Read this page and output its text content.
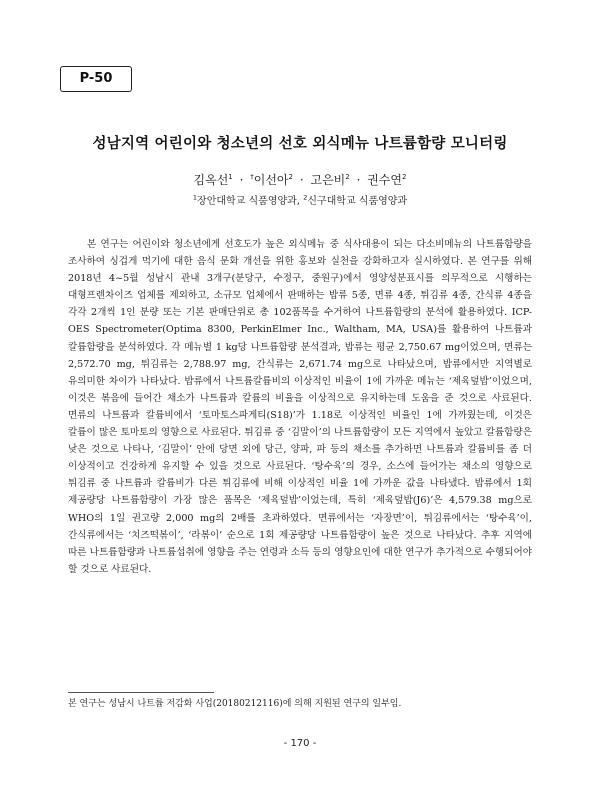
P-50
성남지역 어린이와 청소년의 선호 외식메뉴 나트륨함량 모니터링
김옥선$^1$ · †이선아$^2$ · 고은비$^2$ · 권수연$^2$
$^1$장안대학교 식품영양과, $^2$신구대학교 식품영양과

본 연구는 어린이와 청소년에게 선호도가 높은 외식메뉴 중 식사대용이 되는 다소비메뉴의 나트륨함량을 조사하여 싱겁게 먹기에 대한 음식 문화 개선을 위한 홍보와 실천을 강화하고자 실시하였다. 본 연구를 위해 2018년 4~5월 성남시 관내 3개구(분당구, 수정구, 중원구)에서 영양성분표시를 의무적으로 시행하는 대형프렌차이즈 업체를 제외하고, 소규모 업체에서 판매하는 밥류 5종, 면류 4종, 튀김류 4종, 간식류 4종을 각각 2개씩 1인 분량 또는 기본 판매단위로 총 102품목을 수거하여 나트륨함량의 분석에 활용하였다. ICP-OES Spectrometer(Optima 8300, PerkinElmer Inc., Waltham, MA, USA)를 활용하여 나트륨과 칼륨함량을 분석하였다. 각 메뉴별 1 kg당 나트륨함량 분석결과, 밥류는 평균 2,750.67 mg이었으며, 면류는 2,572.70 mg, 튀김류는 2,788.97 mg, 간식류는 2,671.74 mg으로 나타났으며, 밥류에서만 지역별로 유의미한 차이가 나타났다. 밥류에서 나트륨칼륨비의 이상적인 비율이 1에 가까운 메뉴는 ‘제육덮밥’이었으며, 이것은 볶음에 들어간 채소가 나트륨과 칼륨의 비율을 이상적으로 유지하는데 도움을 준 것으로 사료된다. 면류의 나트륨과 칼륨비에서 ‘토마토스파게티(S18)’가 1.18로 이상적인 비율인 1에 가까웠는데, 이것은 칼륨이 많은 토마토의 영향으로 사료된다. 튀김류 중 ‘김말이’의 나트륨함량이 모든 지역에서 높았고 칼륨함량은 낮은 것으로 나타나, ‘김말이’ 안에 당면 외에 당근, 양파, 파 등의 채소를 추가하면 나트륨과 칼륨비를 좀 더 이상적이고 건강하게 유지할 수 있을 것으로 사료된다. ‘탕수육’의 경우, 소스에 들어가는 채소의 영향으로 튀김류 중 나트륨과 칼륨비가 다른 튀김류에 비해 이상적인 비율 1에 가까운 값을 나타냈다. 밥류에서 1회 제공량당 나트륨함량이 가장 많은 품목은 ‘제육덮밥’이었는데, 특히 ‘제육덮밥(J6)’은 4,579.38 mg으로 WHO의 1일 권고량 2,000 mg의 2배를 초과하였다. 면류에서는 ‘자장면’이, 튀김류에서는 ‘탕수육’이, 간식류에서는 ‘치즈떡볶이’, ‘라볶이’ 순으로 1회 제공량당 나트륨함량이 높은 것으로 나타났다. 추후 지역에 따른 나트륨함량과 나트륨섭취에 영향을 주는 연령과 소득 등의 영향요인에 대한 연구가 추가적으로 수행되어야 할 것으로 사료된다.

본 연구는 성남시 나트륨 저감화 사업(20180212116)에 의해 지원된 연구의 일부임.
- 170 -
